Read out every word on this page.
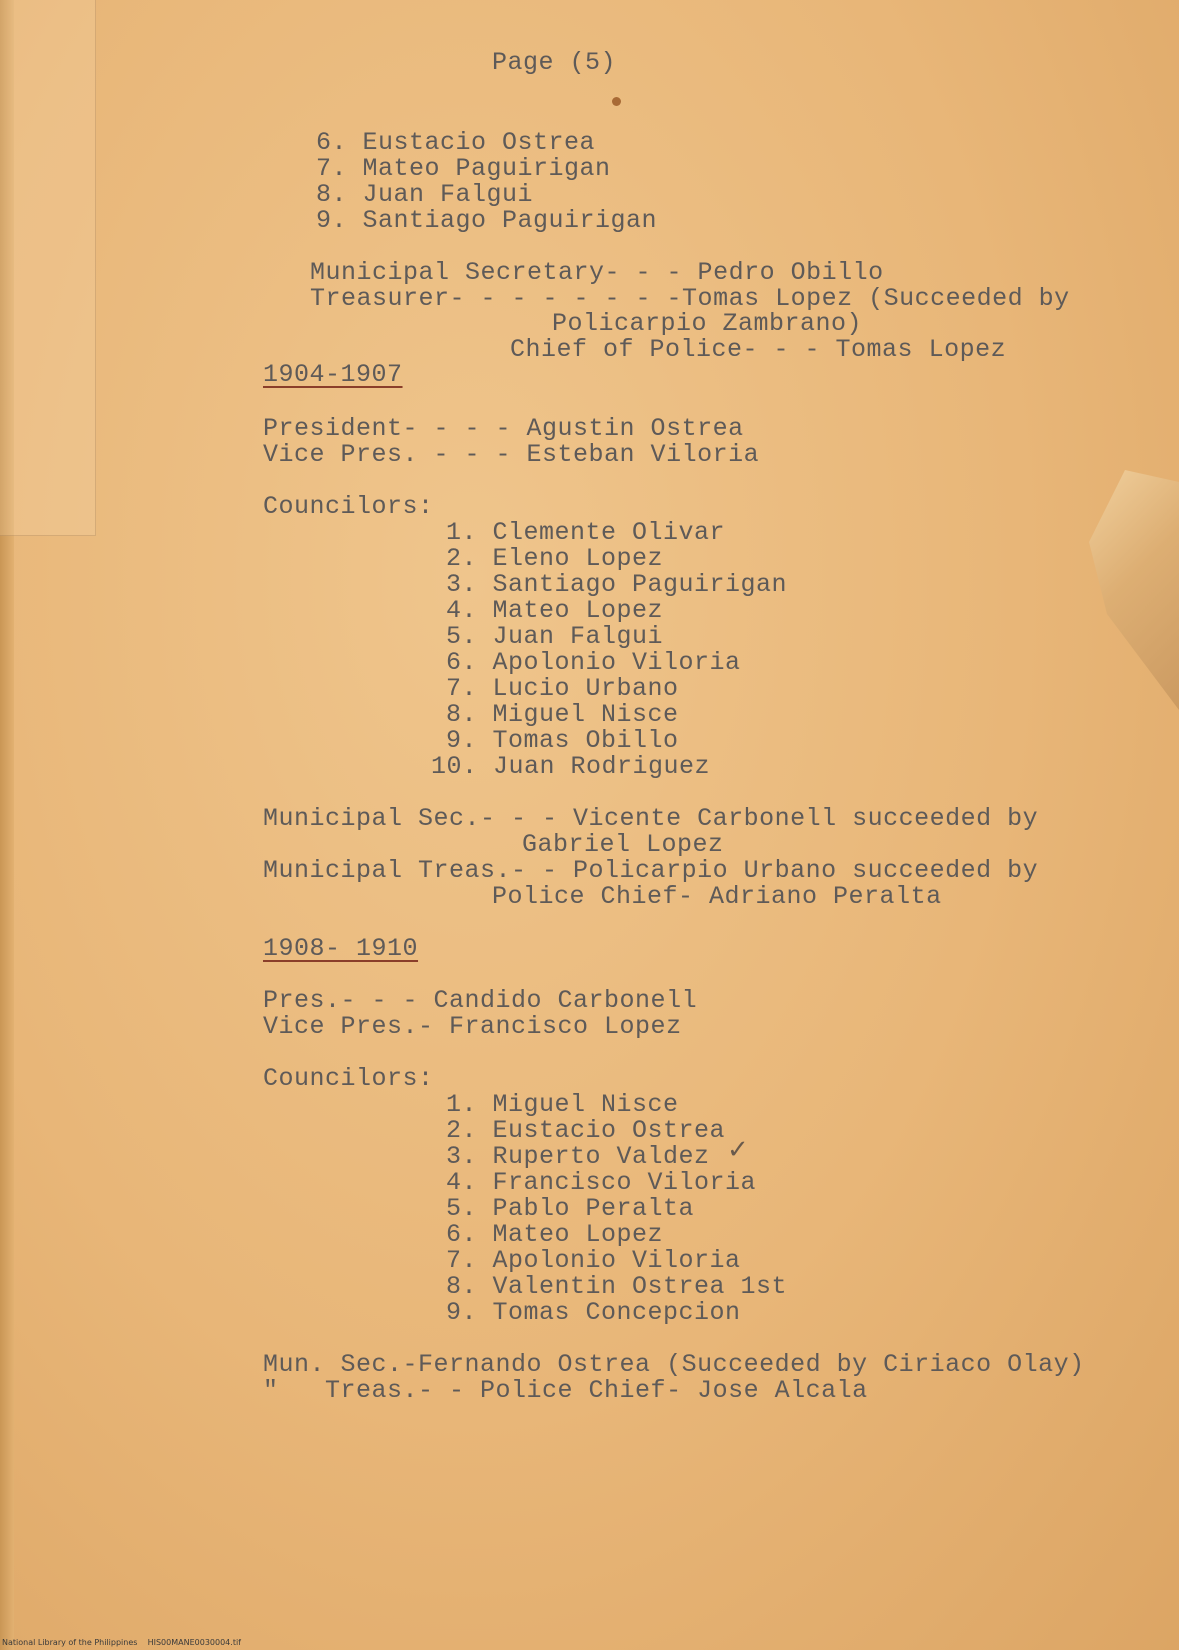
Page (5)
6. Eustacio Ostrea
7. Mateo Paguirigan
8. Juan Falgui
9. Santiago Paguirigan
Municipal Secretary- - - Pedro Obillo
Treasurer- - - - - - - -Tomas Lopez (Succeeded by
Policarpio Zambrano)
Chief of Police- - - Tomas Lopez
1904-1907
President- - - - Agustin Ostrea
Vice Pres. - - - Esteban Viloria
Councilors:
1. Clemente Olivar
2. Eleno Lopez
3. Santiago Paguirigan
4. Mateo Lopez
5. Juan Falgui
6. Apolonio Viloria
7. Lucio Urbano
8. Miguel Nisce
9. Tomas Obillo
10. Juan Rodriguez
Municipal Sec.- - - Vicente Carbonell succeeded by
Gabriel Lopez
Municipal Treas.- - Policarpio Urbano succeeded by
Police Chief- Adriano Peralta
1908- 1910
Pres.- - - Candido Carbonell
Vice Pres.- Francisco Lopez
Councilors:
1. Miguel Nisce
2. Eustacio Ostrea
3. Ruperto Valdez
4. Francisco Viloria
5. Pablo Peralta
6. Mateo Lopez
7. Apolonio Viloria
8. Valentin Ostrea 1st
9. Tomas Concepcion
✓
Mun. Sec.-Fernando Ostrea (Succeeded by Ciriaco Olay)
"   Treas.- - Police Chief- Jose Alcala
National Library of the Philippines    HIS00MANE0030004.tif
